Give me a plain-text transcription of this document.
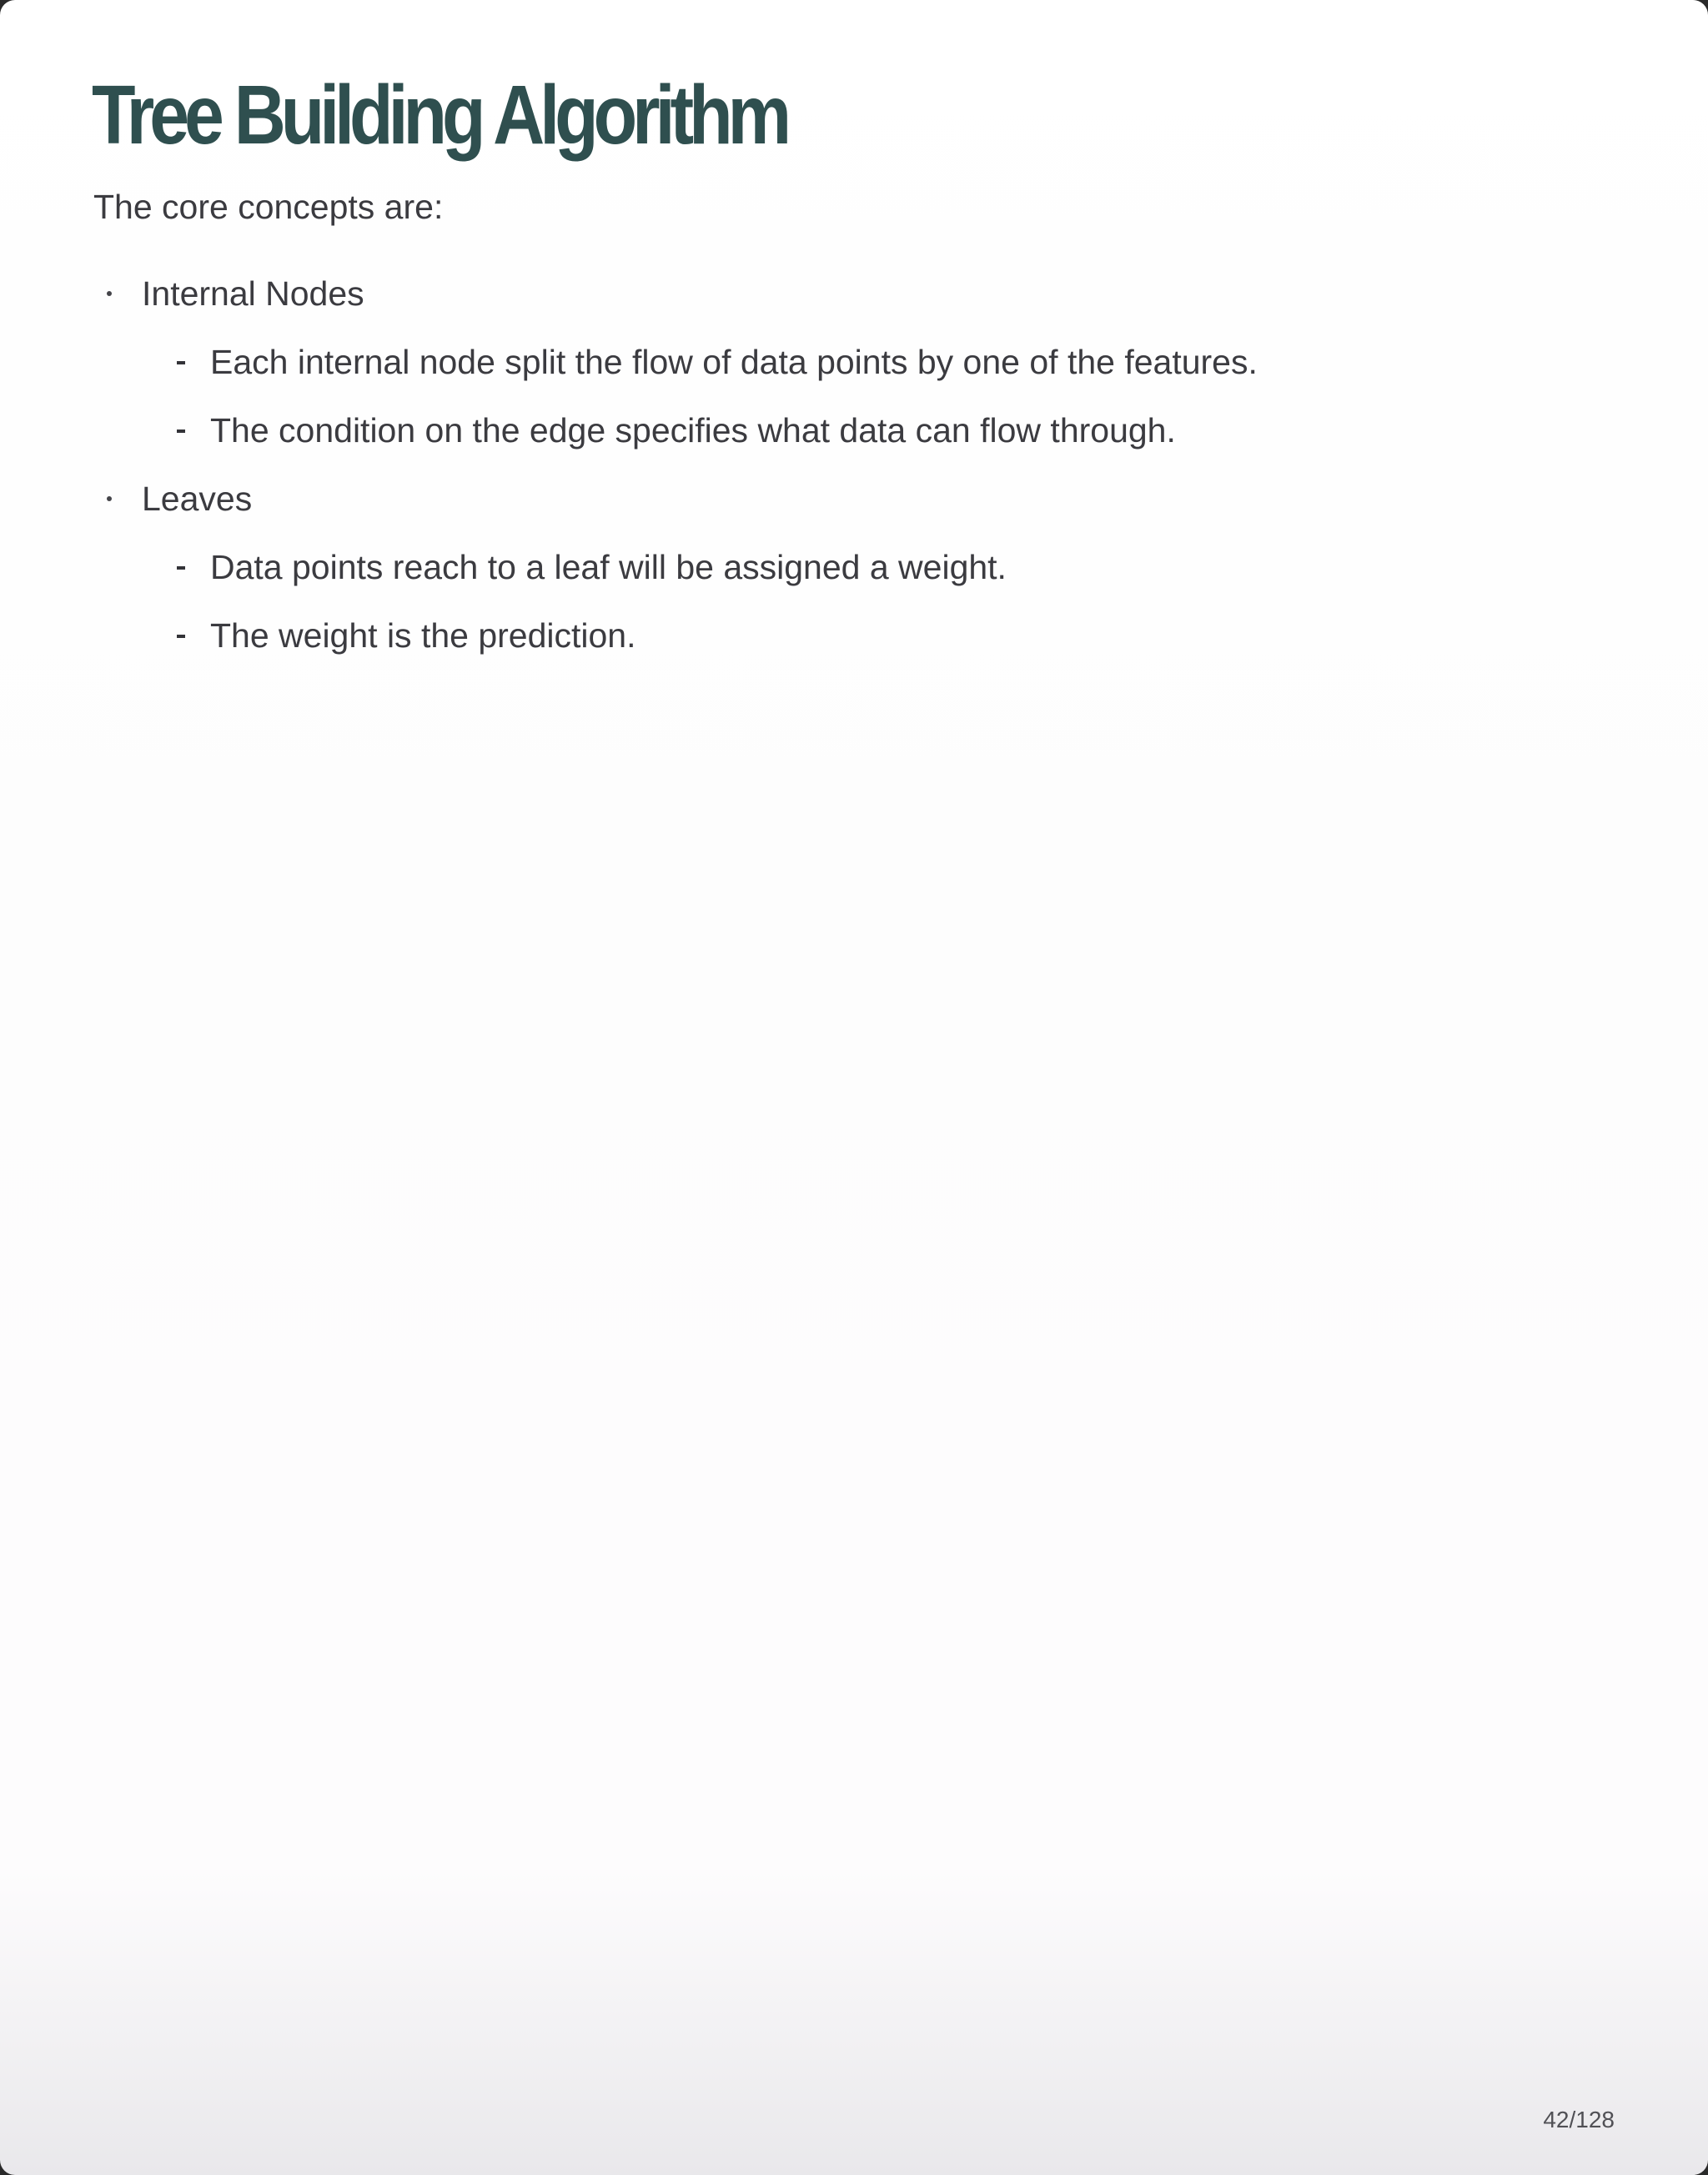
Tree Building Algorithm

The core concepts are:

Internal Nodes
Each internal node split the flow of data points by one of the features.
The condition on the edge specifies what data can flow through.
Leaves
Data points reach to a leaf will be assigned a weight.
The weight is the prediction.
42/128
